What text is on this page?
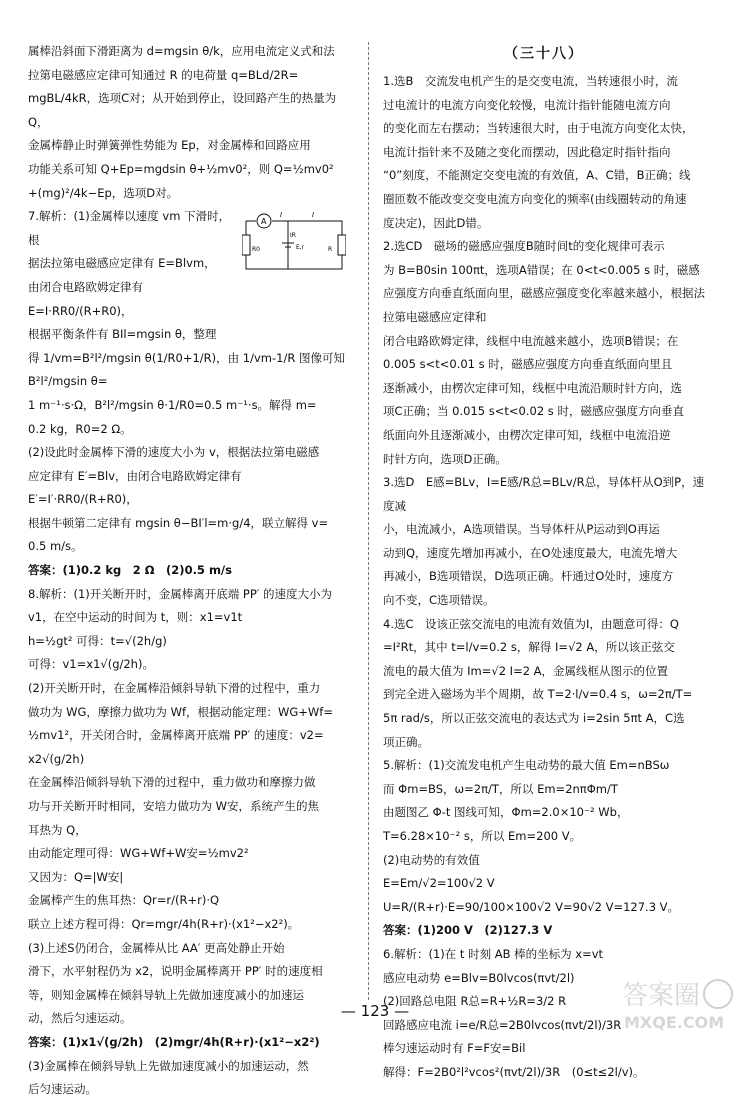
属棒沿斜面下滑距离为 d=mgsin θ/k，应用电流定义式和法

拉第电磁感应定律可知通过 R 的电荷量 q=BLd/2R=

mgBL/4kR，选项C对；从开始到停止，设回路产生的热量为Q，

金属棒静止时弹簧弹性势能为 Ep，对金属棒和回路应用

功能关系可知 Q+Ep=mgdsin θ+½mv0²，则 Q=½mv0²

+(mg)²/4k−Ep，选项D对。

A
I	I
IR
R0	E,r	R

7.解析：(1)金属棒以速度 vm 下滑时，根

据法拉第电磁感应定律有 E=Blvm，

由闭合电路欧姆定律有 E=I·RR0/(R+R0)，

根据平衡条件有 BIl=mgsin θ，整理

得 1/vm=B²l²/mgsin θ(1/R0+1/R)，由 1/vm-1/R 图像可知 B²l²/mgsin θ=

1 m⁻¹·s·Ω，B²l²/mgsin θ·1/R0=0.5 m⁻¹·s。解得 m=

0.2 kg，R0=2 Ω。

(2)设此时金属棒下滑的速度大小为 v，根据法拉第电磁感

应定律有 E′=Blv，由闭合电路欧姆定律有 E′=I′·RR0/(R+R0)，

根据牛顿第二定律有 mgsin θ−BI′l=m·g/4，联立解得 v=

0.5 m/s。

答案：(1)0.2 kg　2 Ω　(2)0.5 m/s

8.解析：(1)开关断开时，金属棒离开底端 PP′ 的速度大小为

v1，在空中运动的时间为 t，则：x1=v1t

h=½gt² 可得：t=√(2h/g)

可得：v1=x1√(g/2h)。

(2)开关断开时，在金属棒沿倾斜导轨下滑的过程中，重力

做功为 WG，摩擦力做功为 Wf，根据动能定理：WG+Wf=

½mv1²，开关闭合时，金属棒离开底端 PP′ 的速度：v2=

x2√(g/2h)

在金属棒沿倾斜导轨下滑的过程中，重力做功和摩擦力做

功与开关断开时相同，安培力做功为 W安，系统产生的焦

耳热为 Q，

由动能定理可得：WG+Wf+W安=½mv2²

又因为：Q=|W安|

金属棒产生的焦耳热：Qr=r/(R+r)·Q

联立上述方程可得：Qr=mgr/4h(R+r)·(x1²−x2²)。

(3)上述S仍闭合，金属棒从比 AA′ 更高处静止开始

滑下，水平射程仍为 x2，说明金属棒离开 PP′ 时的速度相

等，则知金属棒在倾斜导轨上先做加速度减小的加速运

动，然后匀速运动。

答案：(1)x1√(g/2h)　(2)mgr/4h(R+r)·(x1²−x2²)

(3)金属棒在倾斜导轨上先做加速度减小的加速运动，然

后匀速运动。

（三十八）

1.选B　交流发电机产生的是交变电流，当转速很小时，流

过电流计的电流方向变化较慢，电流计指针能随电流方向

的变化而左右摆动；当转速很大时，由于电流方向变化太快，

电流计指针来不及随之变化而摆动，因此稳定时指针指向

“0”刻度，不能测定交变电流的有效值，A、C错，B正确；线

圈匝数不能改变交变电流方向变化的频率(由线圈转动的角速

度决定)，因此D错。

2.选CD　磁场的磁感应强度B随时间t的变化规律可表示

为 B=B0sin 100πt，选项A错误；在 0<t<0.005 s 时，磁感

应强度方向垂直纸面向里，磁感应强度变化率越来越小，根据法拉第电磁感应定律和

闭合电路欧姆定律，线框中电流越来越小，选项B错误；在

0.005 s<t<0.01 s 时，磁感应强度方向垂直纸面向里且

逐渐减小，由楞次定律可知，线框中电流沿顺时针方向，选

项C正确；当 0.015 s<t<0.02 s 时，磁感应强度方向垂直

纸面向外且逐渐减小，由楞次定律可知，线框中电流沿逆

时针方向，选项D正确。

3.选D　E感=BLv，I=E感/R总=BLv/R总，导体杆从O到P，速度减

小，电流减小，A选项错误。当导体杆从P运动到O再运

动到Q，速度先增加再减小，在O处速度最大，电流先增大

再减小，B选项错误，D选项正确。杆通过O处时，速度方

向不变，C选项错误。

4.选C　设该正弦交流电的电流有效值为I，由题意可得：Q

=I²Rt，其中 t=l/v=0.2 s，解得 I=√2 A，所以该正弦交

流电的最大值为 Im=√2 I=2 A，金属线框从图示的位置

到完全进入磁场为半个周期，故 T=2·l/v=0.4 s，ω=2π/T=

5π rad/s，所以正弦交流电的表达式为 i=2sin 5πt A，C选

项正确。

5.解析：(1)交流发电机产生电动势的最大值 Em=nBSω

而 Φm=BS，ω=2π/T，所以 Em=2nπΦm/T

由题图乙 Φ-t 图线可知，Φm=2.0×10⁻² Wb，

T=6.28×10⁻² s，所以 Em=200 V。

(2)电动势的有效值

E=Em/√2=100√2 V

U=R/(R+r)·E=90/100×100√2 V=90√2 V=127.3 V。

答案：(1)200 V　(2)127.3 V

6.解析：(1)在 t 时刻 AB 棒的坐标为 x=vt

感应电动势 e=Blv=B0lvcos(πvt/2l)

(2)回路总电阻 R总=R+½R=3/2 R

回路感应电流 i=e/R总=2B0lvcos(πvt/2l)/3R

棒匀速运动时有 F=F安=Bil

解得：F=2B0²l²vcos²(πvt/2l)/3R　(0≤t≤2l/v)。

— 123 —	答案圈
MXQE.COM
